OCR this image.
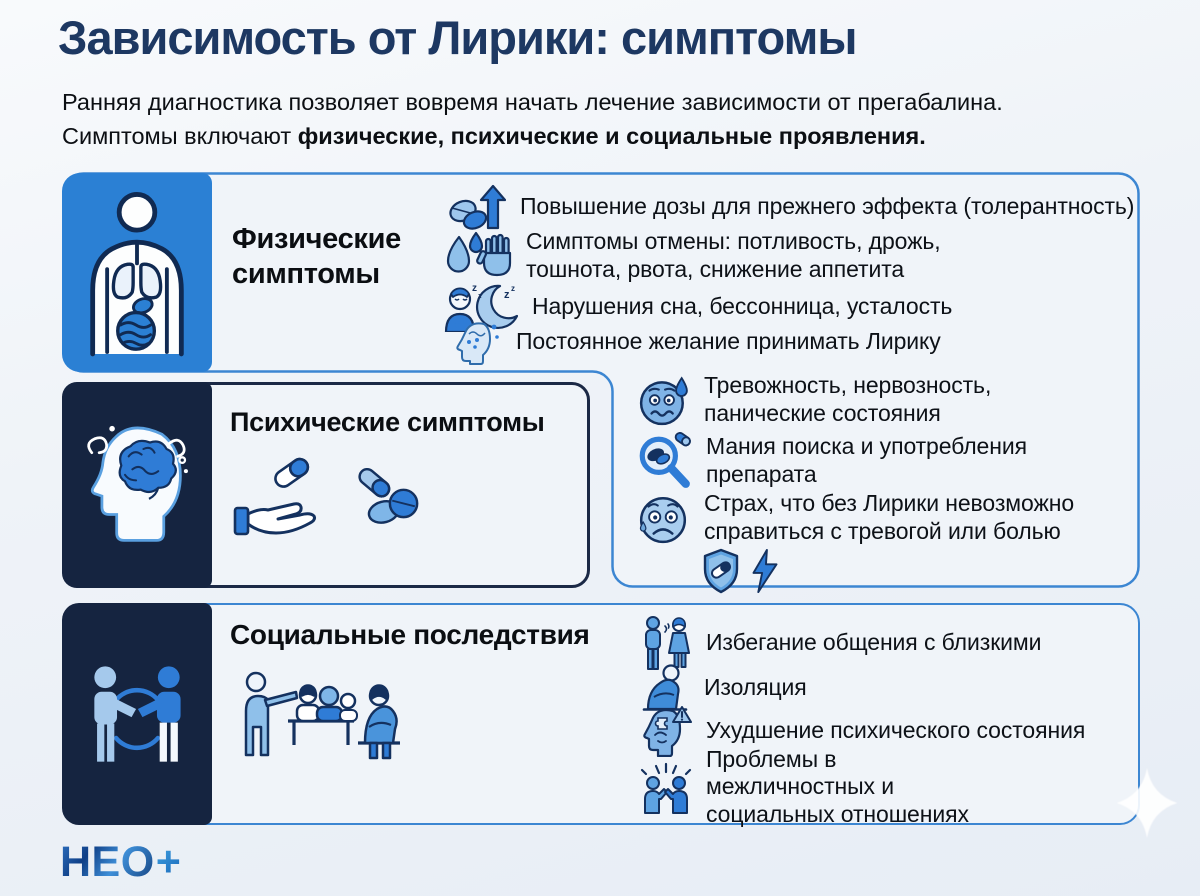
Зависимость от Лирики: симптомы
Ранняя диагностика позволяет вовремя начать лечение зависимости от прегабалина.
Симптомы включают физические, психические и социальные проявления.
Физические симптомы
Повышение дозы для прежнего эффекта (толерантность)
Симптомы отмены: потливость, дрожь, тошнота, рвота, снижение аппетита
z
z z
z
Нарушения сна, бессонница, усталость
Постоянное желание принимать Лирику
Психические симптомы
Тревожность, нервозность, панические состояния
Мания поиска и употребления препарата
Страх, что без Лирики невозможно справиться с тревогой или болью
Социальные последствия	Избегание общения с близкими
Изоляция
Ухудшение психического состояния
Проблемы в межличностных и социальных отношениях
НЕО+
